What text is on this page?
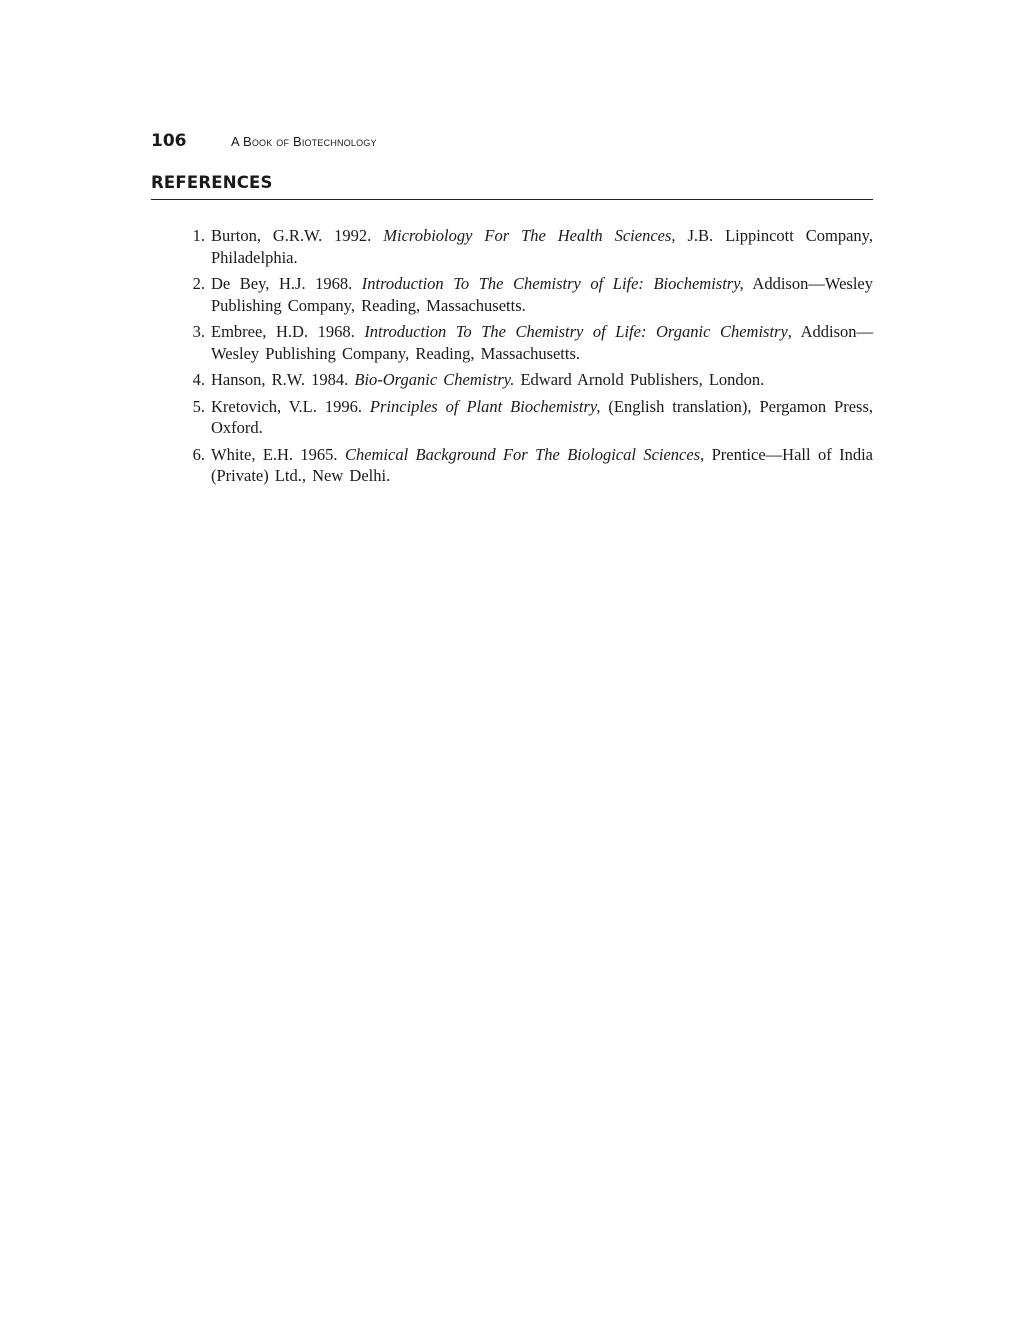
106	A Book of Biotechnology
REFERENCES
1. Burton, G.R.W. 1992. Microbiology For The Health Sciences, J.B. Lippincott Company, Philadelphia.
2. De Bey, H.J. 1968. Introduction To The Chemistry of Life: Biochemistry, Addison—Wesley Publishing Company, Reading, Massachusetts.
3. Embree, H.D. 1968. Introduction To The Chemistry of Life: Organic Chemistry, Addison—Wesley Publishing Company, Reading, Massachusetts.
4. Hanson, R.W. 1984. Bio-Organic Chemistry. Edward Arnold Publishers, London.
5. Kretovich, V.L. 1996. Principles of Plant Biochemistry, (English translation), Pergamon Press, Oxford.
6. White, E.H. 1965. Chemical Background For The Biological Sciences, Prentice—Hall of India (Private) Ltd., New Delhi.
